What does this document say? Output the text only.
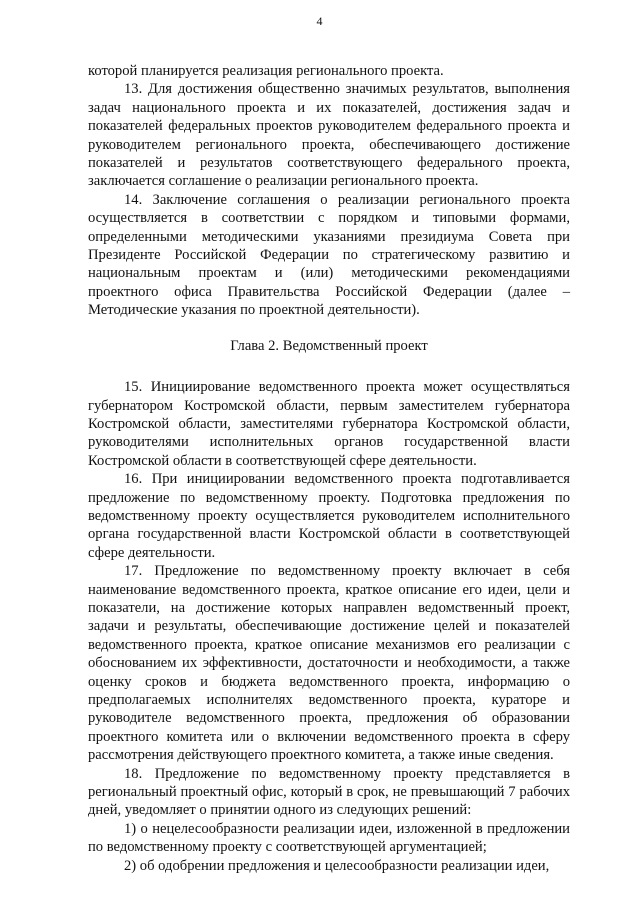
4

которой планируется реализация регионального проекта.

13. Для достижения общественно значимых результатов, выполнения задач национального проекта и их показателей, достижения задач и показателей федеральных проектов руководителем федерального проекта и руководителем регионального проекта, обеспечивающего достижение показателей и результатов соответствующего федерального проекта, заключается соглашение о реализации регионального проекта.

14. Заключение соглашения о реализации регионального проекта осуществляется в соответствии с порядком и типовыми формами, определенными методическими указаниями президиума Совета при Президенте Российской Федерации по стратегическому развитию и национальным проектам и (или) методическими рекомендациями проектного офиса Правительства Российской Федерации (далее – Методические указания по проектной деятельности).

Глава 2. Ведомственный проект

15. Инициирование ведомственного проекта может осуществляться губернатором Костромской области, первым заместителем губернатора Костромской области, заместителями губернатора Костромской области, руководителями исполнительных органов государственной власти Костромской области в соответствующей сфере деятельности.

16. При инициировании ведомственного проекта подготавливается предложение по ведомственному проекту. Подготовка предложения по ведомственному проекту осуществляется руководителем исполнительного органа государственной власти Костромской области в соответствующей сфере деятельности.

17. Предложение по ведомственному проекту включает в себя наименование ведомственного проекта, краткое описание его идеи, цели и показатели, на достижение которых направлен ведомственный проект, задачи и результаты, обеспечивающие достижение целей и показателей ведомственного проекта, краткое описание механизмов его реализации с обоснованием их эффективности, достаточности и необходимости, а также оценку сроков и бюджета ведомственного проекта, информацию о предполагаемых исполнителях ведомственного проекта, кураторе и руководителе ведомственного проекта, предложения об образовании проектного комитета или о включении ведомственного проекта в сферу рассмотрения действующего проектного комитета, а также иные сведения.

18. Предложение по ведомственному проекту представляется в региональный проектный офис, который в срок, не превышающий 7 рабочих дней, уведомляет о принятии одного из следующих решений:

1) о нецелесообразности реализации идеи, изложенной в предложении по ведомственному проекту с соответствующей аргументацией;

2) об одобрении предложения и целесообразности реализации идеи,
